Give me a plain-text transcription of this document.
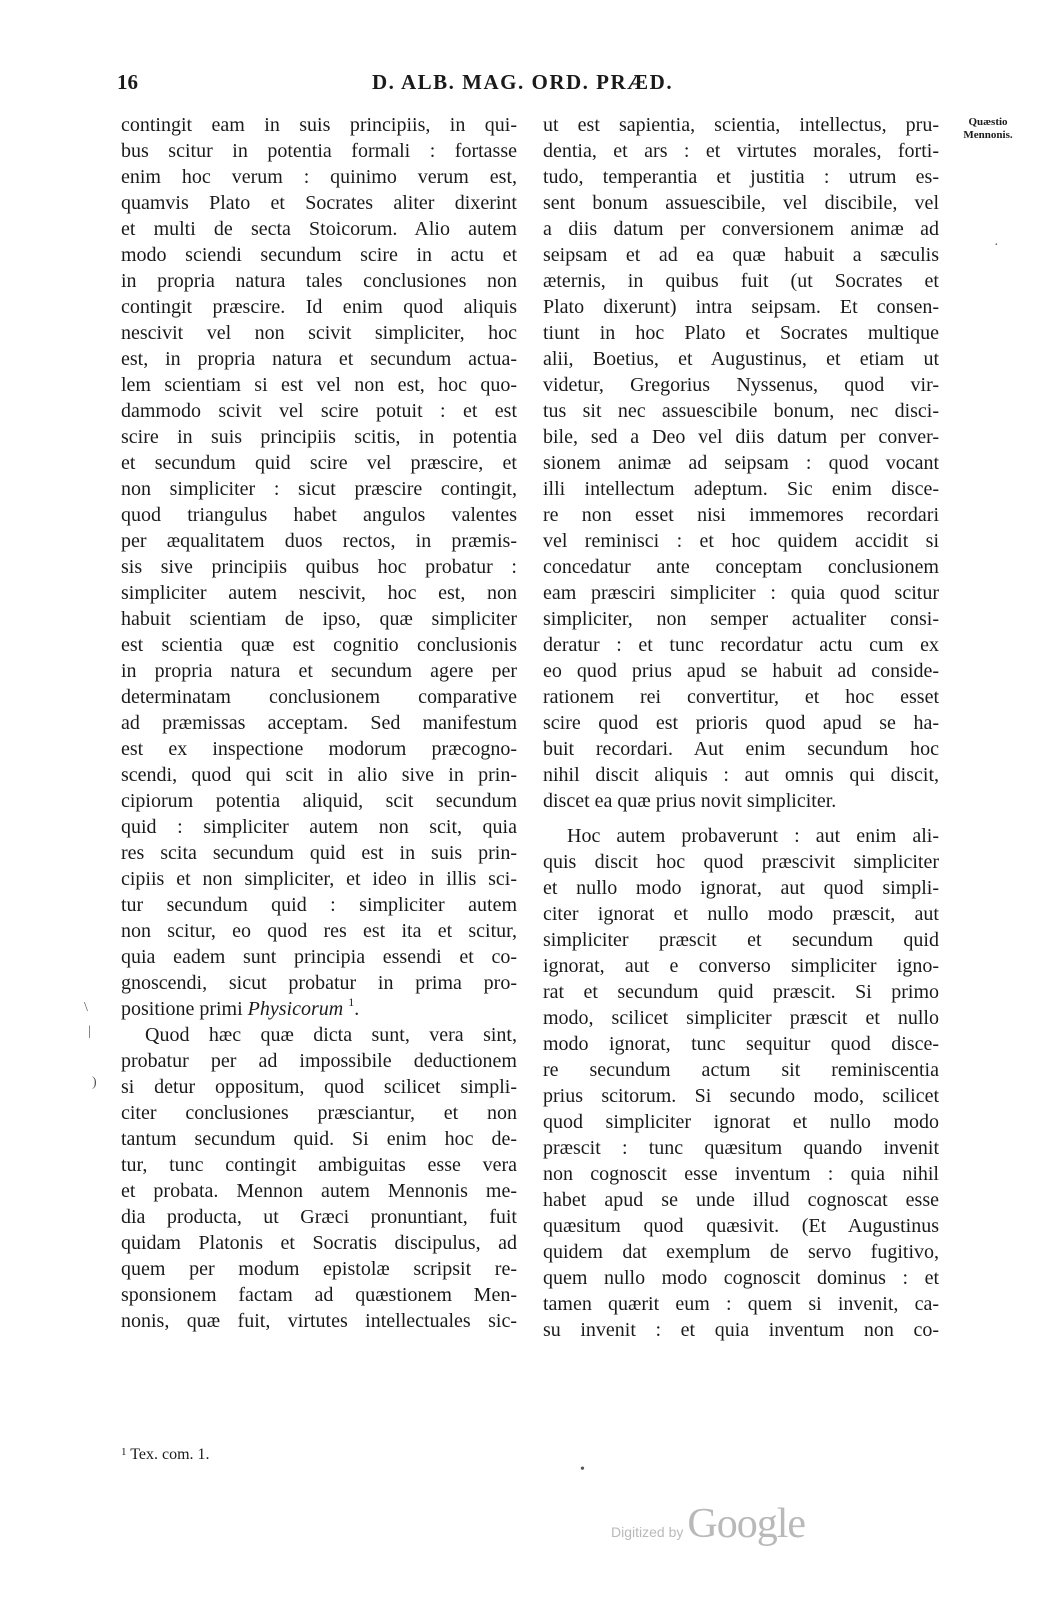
16	D. ALB. MAG. ORD. PRÆD.
Quæstio
Mennonis.
contingit eam in suis principiis, in qui-
bus scitur in potentia formali : fortasse
enim hoc verum : quinimo verum est,
quamvis Plato et Socrates aliter dixerint
et multi de secta Stoicorum. Alio autem
modo sciendi secundum scire in actu et
in propria natura tales conclusiones non
contingit præscire. Id enim quod aliquis
nescivit vel non scivit simpliciter, hoc
est, in propria natura et secundum actua-
lem scientiam si est vel non est, hoc quo-
dammodo scivit vel scire potuit : et est
scire in suis principiis scitis, in potentia
et secundum quid scire vel præscire, et
non simpliciter : sicut præscire contingit,
quod triangulus habet angulos valentes
per æqualitatem duos rectos, in præmis-
sis sive principiis quibus hoc probatur :
simpliciter autem nescivit, hoc est, non
habuit scientiam de ipso, quæ simpliciter
est scientia quæ est cognitio conclusionis
in propria natura et secundum agere per
determinatam conclusionem comparative
ad præmissas acceptam. Sed manifestum
est ex inspectione modorum præcogno-
scendi, quod qui scit in alio sive in prin-
cipiorum potentia aliquid, scit secundum
quid : simpliciter autem non scit, quia
res scita secundum quid est in suis prin-
cipiis et non simpliciter, et ideo in illis sci-
tur secundum quid : simpliciter autem
non scitur, eo quod res est ita et scitur,
quia eadem sunt principia essendi et co-
gnoscendi, sicut probatur in prima pro-
positione primi Physicorum $^1$.
Quod hæc quæ dicta sunt, vera sint,
probatur per ad impossibile deductionem
si detur oppositum, quod scilicet simpli-
citer conclusiones præsciantur, et non
tantum secundum quid. Si enim hoc de-
tur, tunc contingit ambiguitas esse vera
et probata. Mennon autem Mennonis me-
dia producta, ut Græci pronuntiant, fuit
quidam Platonis et Socratis discipulus, ad
quem per modum epistolæ scripsit re-
sponsionem factam ad quæstionem Men-
nonis, quæ fuit, virtutes intellectuales sic-
ut est sapientia, scientia, intellectus, pru-
dentia, et ars : et virtutes morales, forti-
tudo, temperantia et justitia : utrum es-
sent bonum assuescibile, vel discibile, vel
a diis datum per conversionem animæ ad
seipsam et ad ea quæ habuit a sæculis
æternis, in quibus fuit (ut Socrates et
Plato dixerunt) intra seipsam. Et consen-
tiunt in hoc Plato et Socrates multique
alii, Boetius, et Augustinus, et etiam ut
videtur, Gregorius Nyssenus, quod vir-
tus sit nec assuescibile bonum, nec disci-
bile, sed a Deo vel diis datum per conver-
sionem animæ ad seipsam : quod vocant
illi intellectum adeptum. Sic enim disce-
re non esset nisi immemores recordari
vel reminisci : et hoc quidem accidit si
concedatur ante conceptam conclusionem
eam præsciri simpliciter : quia quod scitur
simpliciter, non semper actualiter consi-
deratur : et tunc recordatur actu cum ex
eo quod prius apud se habuit ad conside-
rationem rei convertitur, et hoc esset
scire quod est prioris quod apud se ha-
buit recordari. Aut enim secundum hoc
nihil discit aliquis : aut omnis qui discit,
discet ea quæ prius novit simpliciter.
Hoc autem probaverunt : aut enim ali-
quis discit hoc quod præscivit simpliciter
et nullo modo ignorat, aut quod simpli-
citer ignorat et nullo modo præscit, aut
simpliciter præscit et secundum quid
ignorat, aut e converso simpliciter igno-
rat et secundum quid præscit. Si primo
modo, scilicet simpliciter præscit et nullo
modo ignorat, tunc sequitur quod disce-
re secundum actum sit reminiscentia
prius scitorum. Si secundo modo, scilicet
quod simpliciter ignorat et nullo modo
præscit : tunc quæsitum quando invenit
non cognoscit esse inventum : quia nihil
habet apud se unde illud cognoscat esse
quæsitum quod quæsivit. (Et Augustinus
quidem dat exemplum de servo fugitivo,
quem nullo modo cognoscit dominus : et
tamen quærit eum : quem si invenit, ca-
su invenit : et quia inventum non co-
$^1$ Tex. com. 1.
\
|
)
·
•
Digitized by Google
